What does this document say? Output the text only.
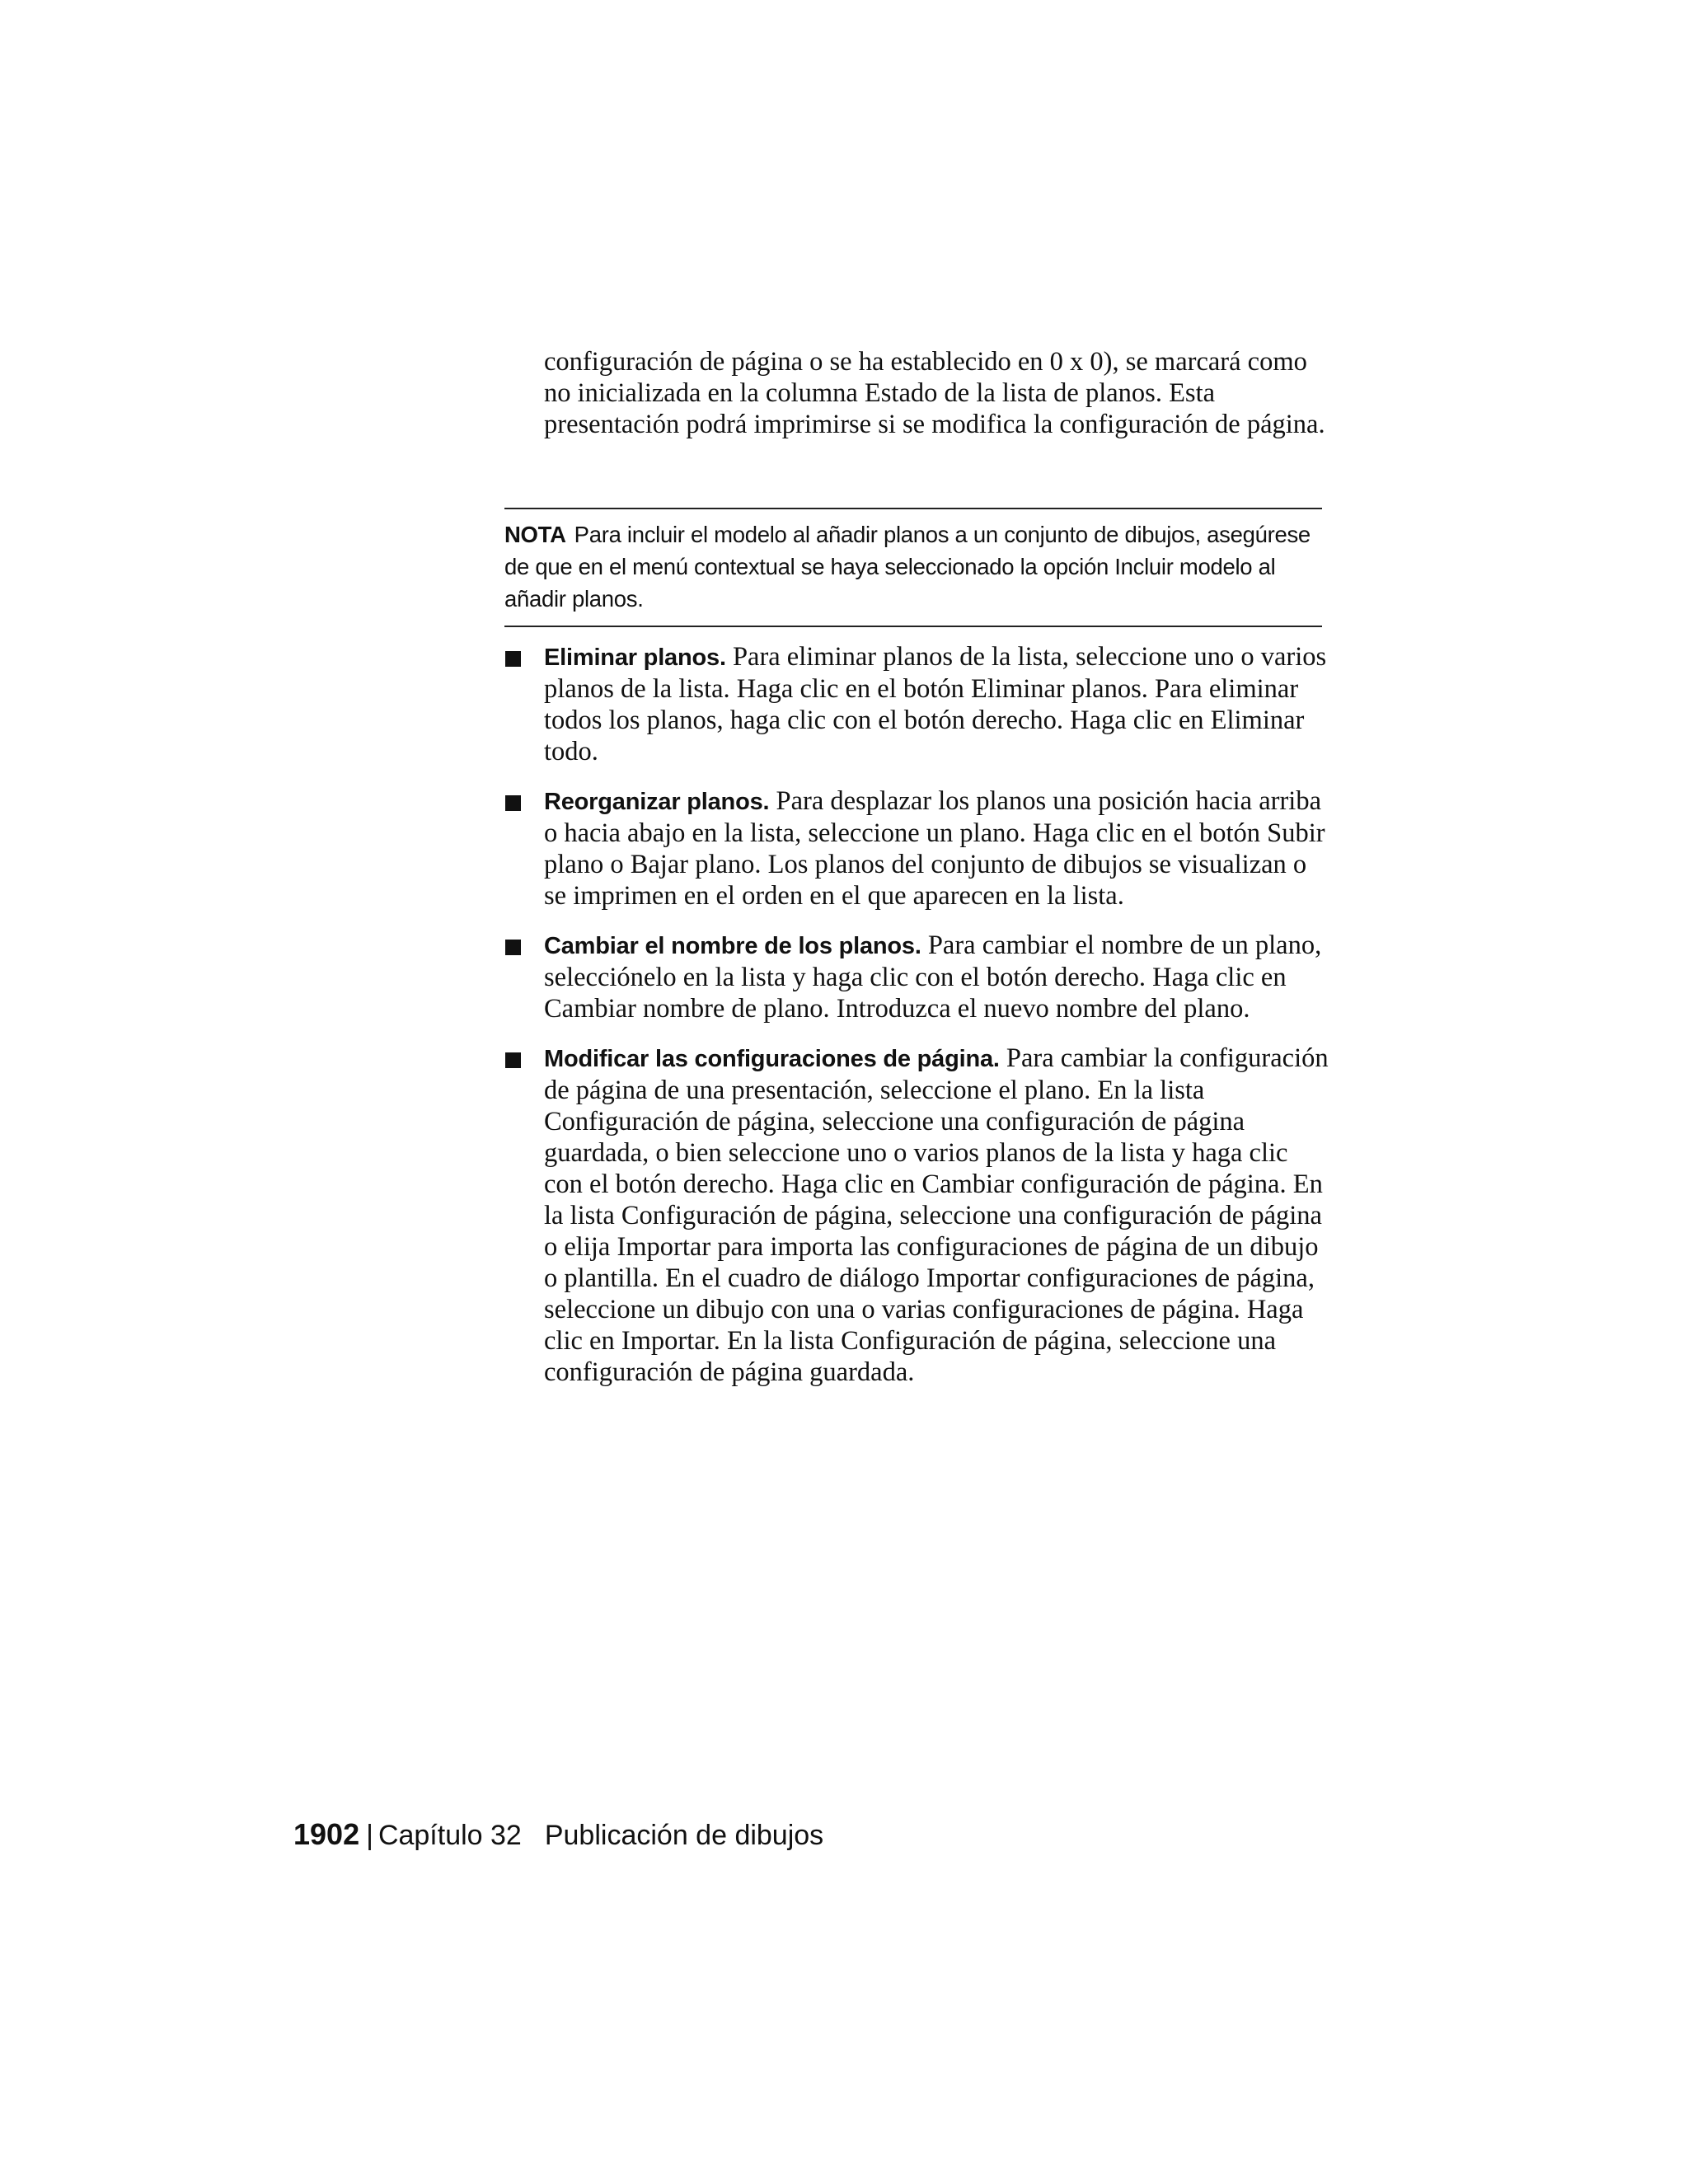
configuración de página o se ha establecido en 0 x 0), se marcará como no inicializada en la columna Estado de la lista de planos. Esta presentación podrá imprimirse si se modifica la configuración de página.

NOTA Para incluir el modelo al añadir planos a un conjunto de dibujos, asegúrese de que en el menú contextual se haya seleccionado la opción Incluir modelo al añadir planos.
Eliminar planos. Para eliminar planos de la lista, seleccione uno o varios planos de la lista. Haga clic en el botón Eliminar planos. Para eliminar todos los planos, haga clic con el botón derecho. Haga clic en Eliminar todo.
Reorganizar planos. Para desplazar los planos una posición hacia arriba o hacia abajo en la lista, seleccione un plano. Haga clic en el botón Subir plano o Bajar plano. Los planos del conjunto de dibujos se visualizan o se imprimen en el orden en el que aparecen en la lista.
Cambiar el nombre de los planos. Para cambiar el nombre de un plano, selecciónelo en la lista y haga clic con el botón derecho. Haga clic en Cambiar nombre de plano. Introduzca el nuevo nombre del plano.
Modificar las configuraciones de página. Para cambiar la configuración de página de una presentación, seleccione el plano. En la lista Configuración de página, seleccione una configuración de página guardada, o bien seleccione uno o varios planos de la lista y haga clic con el botón derecho. Haga clic en Cambiar configuración de página. En la lista Configuración de página, seleccione una configuración de página o elija Importar para importa las configuraciones de página de un dibujo o plantilla. En el cuadro de diálogo Importar configuraciones de página, seleccione un dibujo con una o varias configuraciones de página. Haga clic en Importar. En la lista Configuración de página, seleccione una configuración de página guardada.
1902 | Capítulo 32 Publicación de dibujos
